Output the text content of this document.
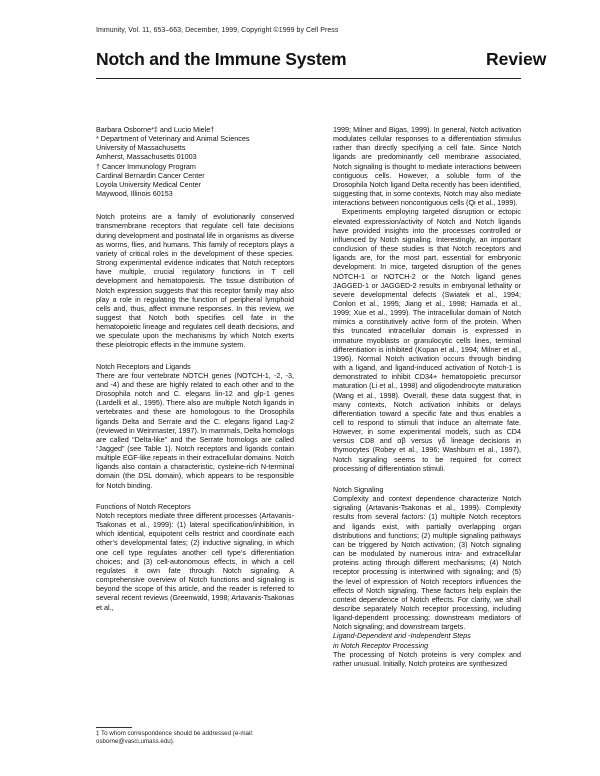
Immunity, Vol. 11, 653–663, December, 1999, Copyright ©1999 by Cell Press
Notch and the Immune System	Review
Barbara Osborne*‡ and Lucio Miele†
* Department of Veterinary and Animal Sciences
University of Massachusetts
Amherst, Massachusetts 01003
† Cancer Immunology Program
Cardinal Bernardin Cancer Center
Loyola University Medical Center
Maywood, Illinois 60153

Notch proteins are a family of evolutionarily conserved transmembrane receptors that regulate cell fate decisions during development and postnatal life in organisms as diverse as worms, flies, and humans. This family of receptors plays a variety of critical roles in the development of these species. Strong experimental evidence indicates that Notch receptors have multiple, crucial regulatory functions in T cell development and hematopoiesis. The tissue distribution of Notch expression suggests that this receptor family may also play a role in regulating the function of peripheral lymphoid cells and, thus, affect immune responses. In this review, we suggest that Notch both specifies cell fate in the hematopoietic lineage and regulates cell death decisions, and we speculate upon the mechanisms by which Notch exerts these pleiotropic effects in the immune system.

Notch Receptors and Ligands

There are four vertebrate NOTCH genes (NOTCH-1, -2, -3, and -4) and these are highly related to each other and to the Drosophila notch and C. elegans lin-12 and glp-1 genes (Lardelli et al., 1995). There also are multiple Notch ligands in vertebrates and these are homologous to the Drosophila ligands Delta and Serrate and the C. elegans ligand Lag-2 (reviewed in Weinmaster, 1997). In mammals, Delta homologs are called “Delta-like” and the Serrate homologs are called “Jagged” (see Table 1). Notch receptors and ligands contain multiple EGF-like repeats in their extracellular domains. Notch ligands also contain a characteristic, cysteine-rich N-terminal domain (the DSL domain), which appears to be responsible for Notch binding.

Functions of Notch Receptors

Notch receptors mediate three different processes (Artavanis-Tsakonas et al., 1999): (1) lateral specification/inhibition, in which identical, equipotent cells restrict and coordinate each other’s developmental fates; (2) inductive signaling, in which one cell type regulates another cell type’s differentiation choices; and (3) cell-autonomous effects, in which a cell regulates it own fate through Notch signaling. A comprehensive overview of Notch functions and signaling is beyond the scope of this article, and the reader is referred to several recent reviews (Greenwald, 1998; Artavanis-Tsakonas et al.,

‡ To whom correspondence should be addressed (e-mail: osborne@vasci.umass.edu).

1999; Milner and Bigas, 1999). In general, Notch activation modulates cellular responses to a differentiation stimulus rather than directly specifying a cell fate. Since Notch ligands are predominantly cell membrane associated, Notch signaling is thought to mediate interactions between contiguous cells. However, a soluble form of the Drosophila Notch ligand Delta recently has been identified, suggesting that, in some contexts, Notch may also mediate interactions between noncontiguous cells (Qi et al., 1999).

Experiments employing targeted disruption or ectopic elevated expression/activity of Notch and Notch ligands have provided insights into the processes controlled or influenced by Notch signaling. Interestingly, an important conclusion of these studies is that Notch receptors and ligands are, for the most part, essential for embryonic development. In mice, targeted disruption of the genes NOTCH-1 or NOTCH-2 or the Notch ligand genes JAGGED-1 or JAGGED-2 results in embryonal lethality or severe developmental defects (Swiatek et al., 1994; Conlon et al., 1995; Jiang et al., 1998; Hamada et al., 1999; Xue et al., 1999). The intracellular domain of Notch mimics a constitutively active form of the protein. When this truncated intracellular domain is expressed in immature myoblasts or granulocytic cells lines, terminal differentiation is inhibited (Kopan et al., 1994; Milner et al., 1996). Normal Notch activation occurs through binding with a ligand, and ligand-induced activation of Notch-1 is demonstrated to inhibit CD34+ hematopoietic precursor maturation (Li et al., 1998) and oligodendrocyte maturation (Wang et al., 1998). Overall, these data suggest that, in many contexts, Notch activation inhibits or delays differentiation toward a specific fate and thus enables a cell to respond to stimuli that induce an alternate fate. However, in some experimental models, such as CD4 versus CD8 and αβ versus γδ lineage decisions in thymocytes (Robey et al., 1996; Washburn et al., 1997), Notch signaling seems to be required for correct processing of differentiation stimuli.

Notch Signaling

Complexity and context dependence characterize Notch signaling (Artavanis-Tsakonas et al., 1999). Complexity results from several factors: (1) multiple Notch receptors and ligands exist, with partially overlapping organ distributions and functions; (2) multiple signaling pathways can be triggered by Notch activation; (3) Notch signaling can be modulated by numerous intra- and extracellular proteins acting through different mechanisms; (4) Notch receptor processing is intertwined with signaling; and (5) the level of expression of Notch receptors influences the effects of Notch signaling. These factors help explain the context dependence of Notch effects. For clarity, we shall describe separately Notch receptor processing, including ligand-dependent processing; downstream mediators of Notch signaling; and downstream targets.

Ligand-Dependent and -Independent Steps
in Notch Receptor Processing

The processing of Notch proteins is very complex and rather unusual. Initially, Notch proteins are synthesized
